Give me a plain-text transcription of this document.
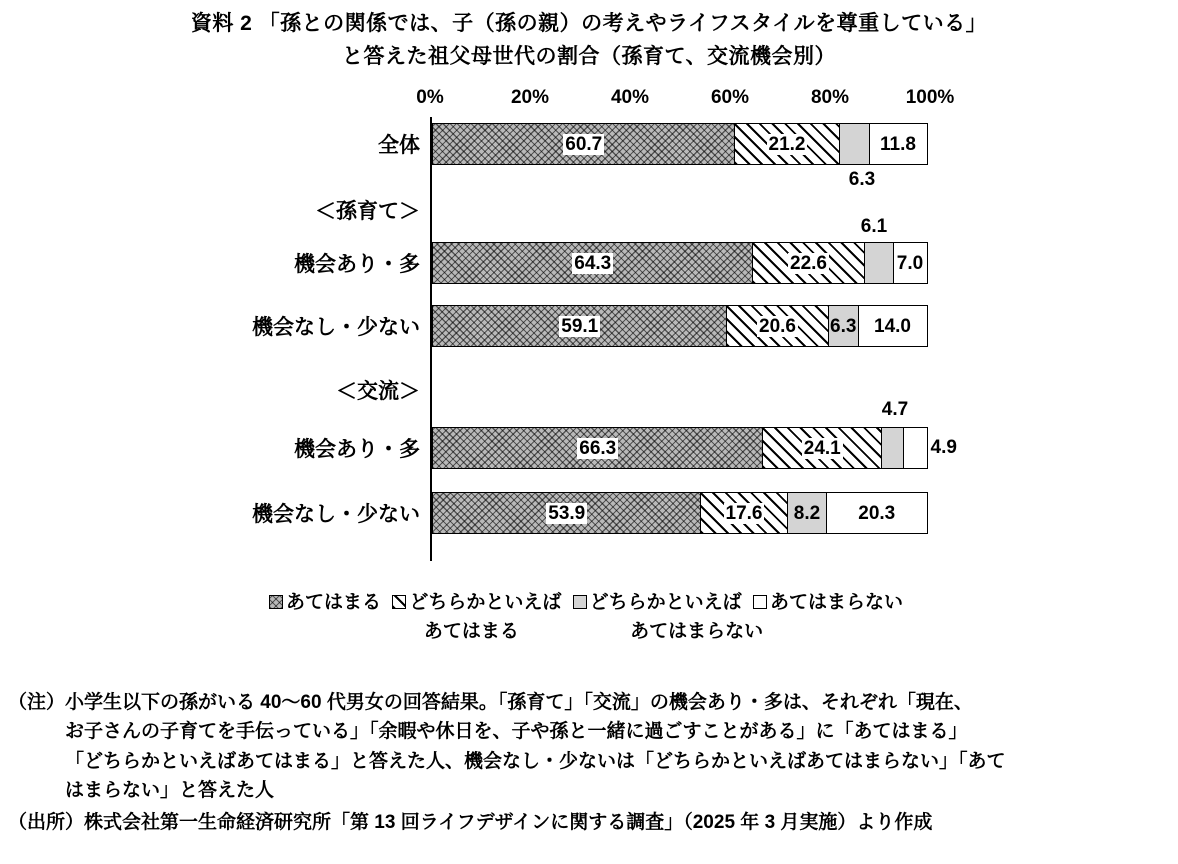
資料 2 「孫との関係では、子（孫の親）の考えやライフスタイルを尊重している」
と答えた祖父母世代の割合（孫育て、交流機会別）
0%	20%	40%	60%	80%	100%
全体
6.3
60.7	21.2	11.8
＜孫育て＞
機会あり・多
6.1
64.3	22.6	7.0
機会なし・少ない	59.1	20.6 6.3 14.0
＜交流＞
機会あり・多
4.7
66.3	24.1	4.9
機会なし・少ない	53.9	17.6 8.2 20.3
あてはまる どちらかといえば どちらかといえば あてはまらない
あてはまる	あてはまらない
（注） 小学生以下の孫がいる 40〜60 代男女の回答結果。「孫育て」「交流」の機会あり・多は、それぞれ「現在、

お子さんの子育てを手伝っている」「余暇や休日を、子や孫と一緒に過ごすことがある」に「あてはまる」

「どちらかといえばあてはまる」と答えた人、機会なし・少ないは「どちらかといえばあてはまらない」「あて

はまらない」と答えた人

（出所） 株式会社第一生命経済研究所「第 13 回ライフデザインに関する調査」（2025 年 3 月実施）より作成
